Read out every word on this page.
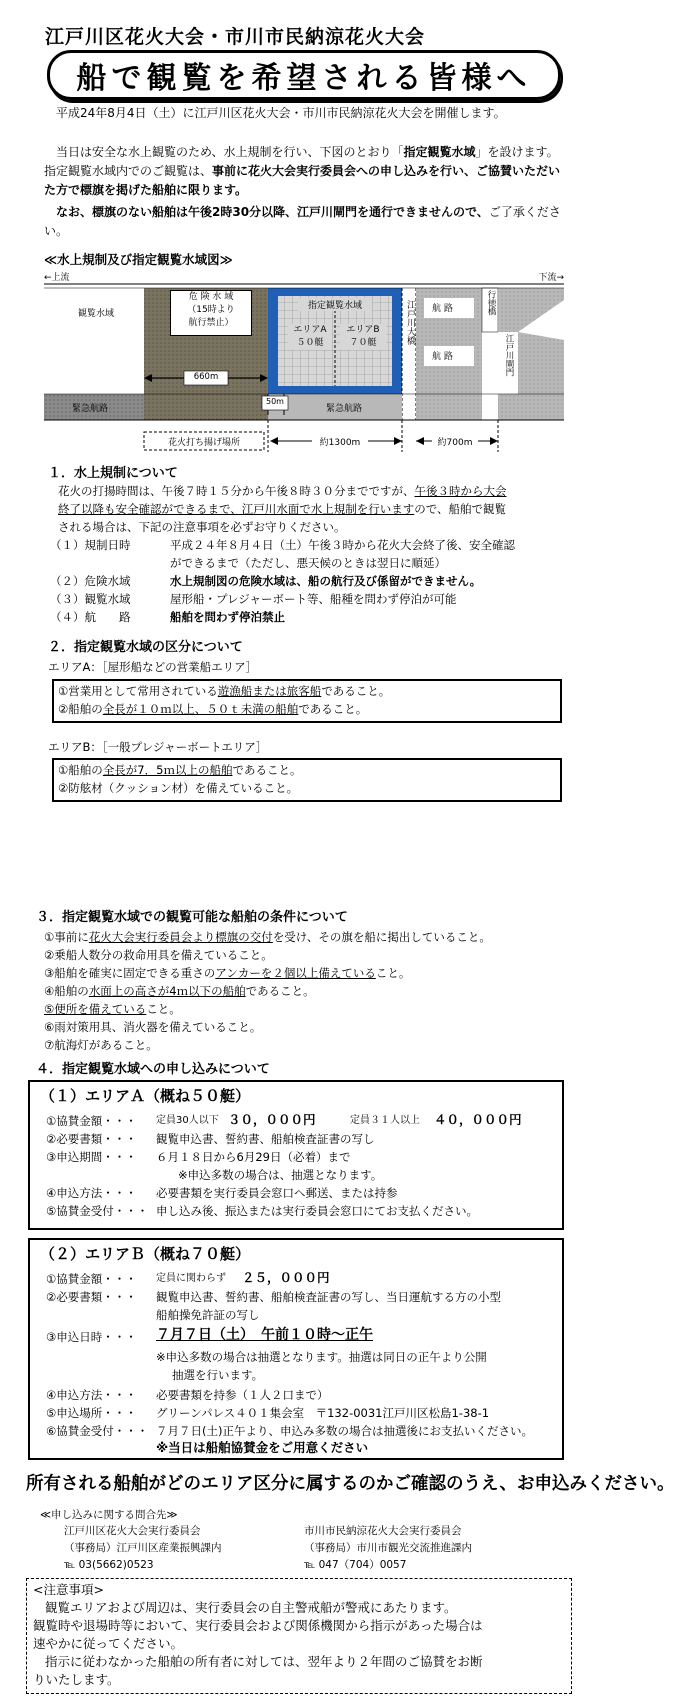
江戸川区花火大会・市川市民納涼花火大会
船で観覧を希望される皆様へ
平成24年8月4日（土）に江戸川区花火大会・市川市民納涼花火大会を開催します。
当日は安全な水上観覧のため、水上規制を行い、下図のとおり「指定観覧水域」を設けます。指定観覧水域内でのご観覧は、事前に花火大会実行委員会への申し込みを行い、ご協賛いただいた方で標旗を掲げた船舶に限ります。
なお、標旗のない船舶は午後2時30分以降、江戸川閘門を通行できませんので、ご了承ください。
≪水上規制及び指定観覧水域図≫
←上流	下流→
観覧水域
危 険 水 域
（15時より
航行禁止）
指定観覧水域
エリアA
５０艇
エリアB
７０艇	江戸川大橋 航 路
航 路
行徳橋
江戸川閘門
緊急航路	緊急航路
660m
50m
花火打ち揚げ場所	約1300m	約700m
１．水上規制について
花火の打揚時間は、午後７時１５分から午後８時３０分までですが、午後３時から大会
終了以降も安全確認ができるまで、江戸川水面で水上規制を行いますので、船舶で観覧
される場合は、下記の注意事項を必ずお守りください。
（１）規制日時	平成２４年８月４日（土）午後３時から花火大会終了後、安全確認
ができるまで（ただし、悪天候のときは翌日に順延）
（２）危険水域	水上規制図の危険水域は、船の航行及び係留ができません。
（３）観覧水域	屋形船・プレジャーボート等、船種を問わず停泊が可能
（４）航　　路	船舶を問わず停泊禁止
２．指定観覧水域の区分について
エリアA：［屋形船などの営業船エリア］
①営業用として常用されている遊漁船または旅客船であること。
②船舶の全長が１０ｍ以上、５０ｔ未満の船舶であること。
エリアB：［一般プレジャーボートエリア］
①船舶の全長が7．5ｍ以上の船舶であること。
②防舷材（クッション材）を備えていること。
３．指定観覧水域での観覧可能な船舶の条件について
①事前に花火大会実行委員会より標旗の交付を受け、その旗を船に掲出していること。
②乗船人数分の救命用具を備えていること。
③船舶を確実に固定できる重さのアンカーを２個以上備えていること。
④船舶の水面上の高さが4ｍ以下の船舶であること。
⑤便所を備えていること。
⑥雨対策用具、消火器を備えていること。
⑦航海灯があること。
４．指定観覧水域への申し込みについて
（１）エリアＡ（概ね５０艇）
①協賛金額・・・ 定員30人以下 ３０，０００円	定員３１人以上 ４０，０００円
②必要書類・・・ 観覧申込書、誓約書、船舶検査証書の写し
③申込期間・・・ ６月１８日から6月29日（必着）まで
※申込多数の場合は、抽選となります。
④申込方法・・・ 必要書類を実行委員会窓口へ郵送、または持参
⑤協賛金受付・・・ 申し込み後、振込または実行委員会窓口にてお支払ください。
（２）エリアＢ（概ね７０艇）
①協賛金額・・・ 定員に関わらず ２５，０００円
②必要書類・・・ 観覧申込書、誓約書、船舶検査証書の写し、当日運航する方の小型
船舶操免許証の写し
③申込日時・・・ ７月７日（土）　午前１０時～正午
※申込多数の場合は抽選となります。抽選は同日の正午より公開
抽選を行います。
④申込方法・・・ 必要書類を持参（１人２口まで）
⑤申込場所・・・ グリーンパレス４０１集会室　〒132-0031江戸川区松島1-38-1
⑥協賛金受付・・・ ７月７日(土)正午より、申込み多数の場合は抽選後にお支払いください。
※当日は船舶協賛金をご用意ください
所有される船舶がどのエリア区分に属するのかご確認のうえ、お申込みください。
≪申し込みに関する問合先≫
江戸川区花火大会実行委員会
（事務局）江戸川区産業振興課内
℡ 03(5662)0523
市川市民納涼花火大会実行委員会
（事務局）市川市観光交流推進課内
℡ 047（704）0057
<注意事項>
観覧エリアおよび周辺は、実行委員会の自主警戒船が警戒にあたります。
観覧時や退場時等において、実行委員会および関係機関から指示があった場合は
速やかに従ってください。
指示に従わなかった船舶の所有者に対しては、翌年より２年間のご協賛をお断
りいたします。
